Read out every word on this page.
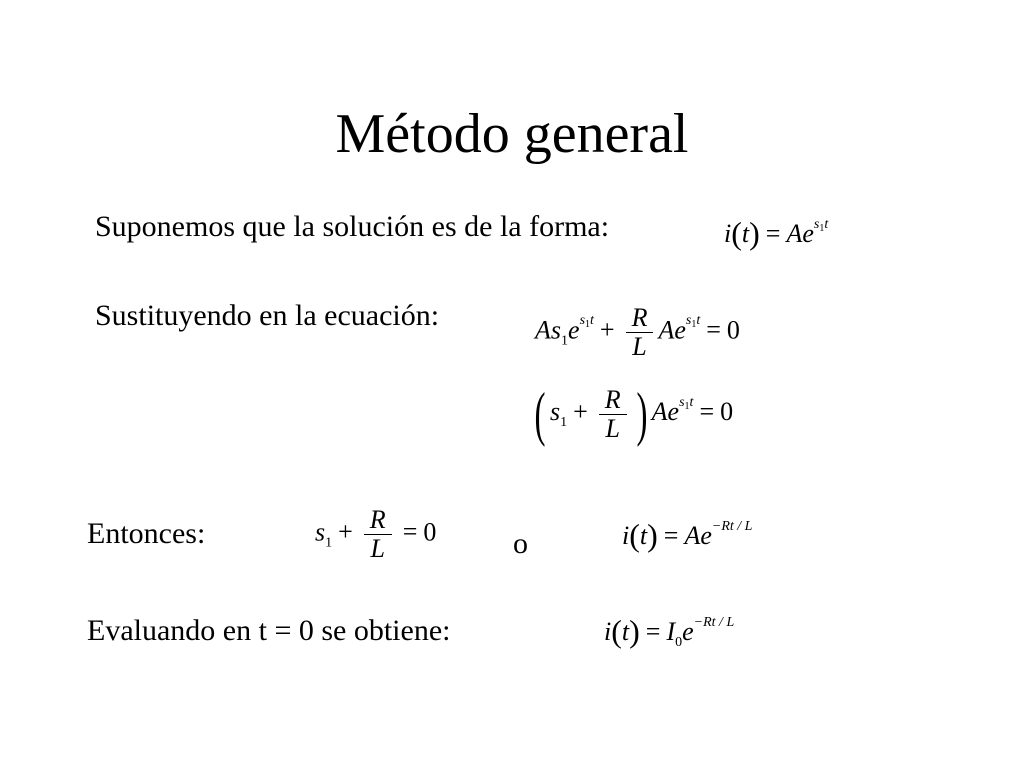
Método general
Suponemos que la solución es de la forma:	$i(t) = Ae^{s_1t}$
Sustituyendo en la ecuación:	$As_1e^{s_1t} + \frac{R}{L} Ae^{s_1t} = 0$
( $s_1 + \frac{R}{L}$ ) $Ae^{s_1t} = 0$
Entonces:	$s_1 + \frac{R}{L} = 0$	o	$i(t) = Ae^{-Rt / L}$
Evaluando en t = 0 se obtiene:	$i(t) = I_0e^{-Rt / L}$
